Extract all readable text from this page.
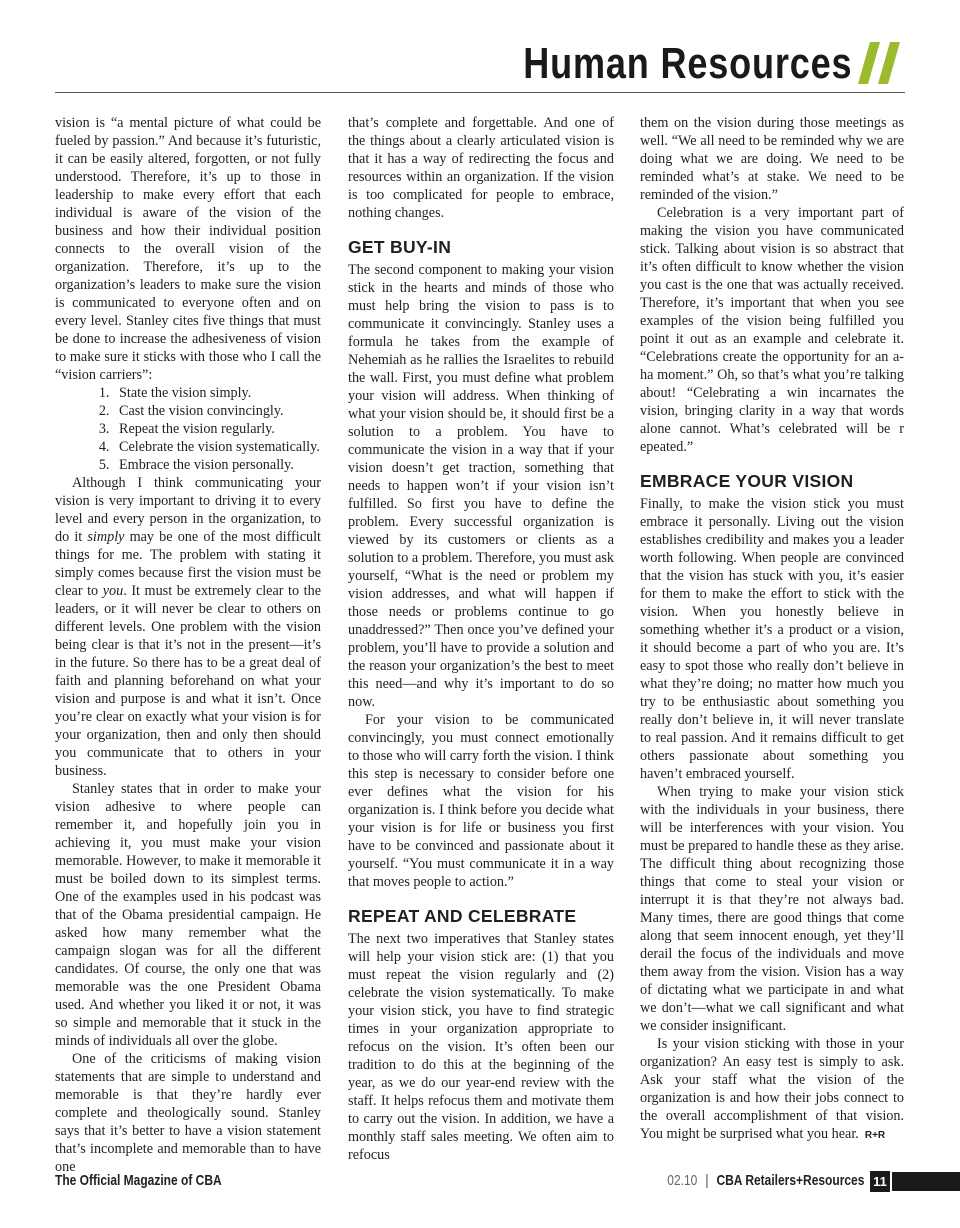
Human Resources

vision is “a mental picture of what could be fueled by passion.” And because it’s futuristic, it can be easily altered, forgotten, or not fully understood. Therefore, it’s up to those in leadership to make every effort that each individual is aware of the vision of the business and how their individual position connects to the overall vision of the organization. Therefore, it’s up to the organization’s leaders to make sure the vision is communicated to everyone often and on every level. Stanley cites five things that must be done to increase the adhesiveness of vision to make sure it sticks with those who I call the “vision carriers”:

1. State the vision simply.
2. Cast the vision convincingly.
3. Repeat the vision regularly.
4. Celebrate the vision systematically.
5. Embrace the vision personally.

Although I think communicating your vision is very important to driving it to every level and every person in the organization, to do it simply may be one of the most difficult things for me. The problem with stating it simply comes because first the vision must be clear to you. It must be extremely clear to the leaders, or it will never be clear to others on different levels. One problem with the vision being clear is that it’s not in the present—it’s in the future. So there has to be a great deal of faith and planning beforehand on what your vision and purpose is and what it isn’t. Once you’re clear on exactly what your vision is for your organization, then and only then should you communicate that to others in your business.

Stanley states that in order to make your vision adhesive to where people can remember it, and hopefully join you in achieving it, you must make your vision memorable. However, to make it memorable it must be boiled down to its simplest terms. One of the examples used in his podcast was that of the Obama presidential campaign. He asked how many remember what the campaign slogan was for all the different candidates. Of course, the only one that was memorable was the one President Obama used. And whether you liked it or not, it was so simple and memorable that it stuck in the minds of individuals all over the globe.

One of the criticisms of making vision statements that are simple to understand and memorable is that they’re hardly ever complete and theologically sound. Stanley says that it’s better to have a vision statement that’s incomplete and memorable than to have one

that’s complete and forgettable. And one of the things about a clearly articulated vision is that it has a way of redirecting the focus and resources within an organization. If the vision is too complicated for people to embrace, nothing changes.

GET BUY-IN

The second component to making your vision stick in the hearts and minds of those who must help bring the vision to pass is to communicate it convincingly. Stanley uses a formula he takes from the example of Nehemiah as he rallies the Israelites to rebuild the wall. First, you must define what problem your vision will address. When thinking of what your vision should be, it should first be a solution to a problem. You have to communicate the vision in a way that if your vision doesn’t get traction, something that needs to happen won’t if your vision isn’t fulfilled. So first you have to define the problem. Every successful organization is viewed by its customers or clients as a solution to a problem. Therefore, you must ask yourself, “What is the need or problem my vision addresses, and what will happen if those needs or problems continue to go unaddressed?” Then once you’ve defined your problem, you’ll have to provide a solution and the reason your organization’s the best to meet this need—and why it’s important to do so now.

For your vision to be communicated convincingly, you must connect emotionally to those who will carry forth the vision. I think this step is necessary to consider before one ever defines what the vision for his organization is. I think before you decide what your vision is for life or business you first have to be convinced and passionate about it yourself. “You must communicate it in a way that moves people to action.”

REPEAT AND CELEBRATE

The next two imperatives that Stanley states will help your vision stick are: (1) that you must repeat the vision regularly and (2) celebrate the vision systematically. To make your vision stick, you have to find strategic times in your organization appropriate to refocus on the vision. It’s often been our tradition to do this at the beginning of the year, as we do our year-end review with the staff. It helps refocus them and motivate them to carry out the vision. In addition, we have a monthly staff sales meeting. We often aim to refocus

them on the vision during those meetings as well. “We all need to be reminded why we are doing what we are doing. We need to be reminded what’s at stake. We need to be reminded of the vision.”

Celebration is a very important part of making the vision you have communicated stick. Talking about vision is so abstract that it’s often difficult to know whether the vision you cast is the one that was actually received. Therefore, it’s important that when you see examples of the vision being fulfilled you point it out as an example and celebrate it. “Celebrations create the opportunity for an a-ha moment.” Oh, so that’s what you’re talking about! “Celebrating a win incarnates the vision, bringing clarity in a way that words alone cannot. What’s celebrated will be r epeated.”

EMBRACE YOUR VISION

Finally, to make the vision stick you must embrace it personally. Living out the vision establishes credibility and makes you a leader worth following. When people are convinced that the vision has stuck with you, it’s easier for them to make the effort to stick with the vision. When you honestly believe in something whether it’s a product or a vision, it should become a part of who you are. It’s easy to spot those who really don’t believe in what they’re doing; no matter how much you try to be enthusiastic about something you really don’t believe in, it will never translate to real passion. And it remains difficult to get others passionate about something you haven’t embraced yourself.

When trying to make your vision stick with the individuals in your business, there will be interferences with your vision. You must be prepared to handle these as they arise. The difficult thing about recognizing those things that come to steal your vision or interrupt it is that they’re not always bad. Many times, there are good things that come along that seem innocent enough, yet they’ll derail the focus of the individuals and move them away from the vision. Vision has a way of dictating what we participate in and what we don’t—what we call significant and what we consider insignificant.

Is your vision sticking with those in your organization? An easy test is simply to ask. Ask your staff what the vision of the organization is and how their jobs connect to the overall accomplishment of that vision. You might be surprised what you hear. R+R

The Official Magazine of CBA	02.10 | CBA Retailers+Resources 11
